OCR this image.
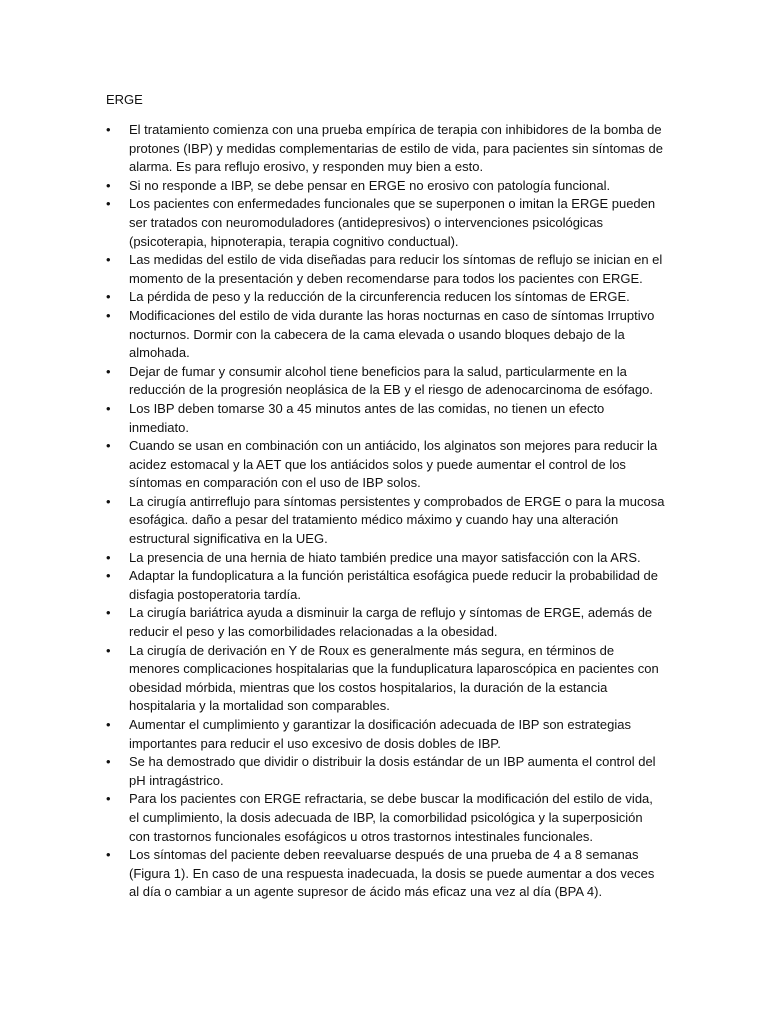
ERGE
• El tratamiento comienza con una prueba empírica de terapia con inhibidores de la bomba de protones (IBP) y medidas complementarias de estilo de vida, para pacientes sin síntomas de alarma. Es para reflujo erosivo, y responden muy bien a esto.
• Si no responde a IBP, se debe pensar en ERGE no erosivo con patología funcional.
• Los pacientes con enfermedades funcionales que se superponen o imitan la ERGE pueden ser tratados con neuromoduladores (antidepresivos) o intervenciones psicológicas (psicoterapia, hipnoterapia, terapia cognitivo conductual).
• Las medidas del estilo de vida diseñadas para reducir los síntomas de reflujo se inician en el momento de la presentación y deben recomendarse para todos los pacientes con ERGE.
• La pérdida de peso y la reducción de la circunferencia reducen los síntomas de ERGE.
• Modificaciones del estilo de vida durante las horas nocturnas en caso de síntomas Irruptivo nocturnos. Dormir con la cabecera de la cama elevada o usando bloques debajo de la almohada.
• Dejar de fumar y consumir alcohol tiene beneficios para la salud, particularmente en la reducción de la progresión neoplásica de la EB y el riesgo de adenocarcinoma de esófago.
• Los IBP deben tomarse 30 a 45 minutos antes de las comidas, no tienen un efecto inmediato.
• Cuando se usan en combinación con un antiácido, los alginatos son mejores para reducir la acidez estomacal y la AET que los antiácidos solos y puede aumentar el control de los síntomas en comparación con el uso de IBP solos.
• La cirugía antirreflujo para síntomas persistentes y comprobados de ERGE o para la mucosa esofágica. daño a pesar del tratamiento médico máximo y cuando hay una alteración estructural significativa en la UEG.
• La presencia de una hernia de hiato también predice una mayor satisfacción con la ARS.
• Adaptar la fundoplicatura a la función peristáltica esofágica puede reducir la probabilidad de disfagia postoperatoria tardía.
• La cirugía bariátrica ayuda a disminuir la carga de reflujo y síntomas de ERGE, además de reducir el peso y las comorbilidades relacionadas a la obesidad.
• La cirugía de derivación en Y de Roux es generalmente más segura, en términos de menores complicaciones hospitalarias que la funduplicatura laparoscópica en pacientes con obesidad mórbida, mientras que los costos hospitalarios, la duración de la estancia hospitalaria y la mortalidad son comparables.
• Aumentar el cumplimiento y garantizar la dosificación adecuada de IBP son estrategias importantes para reducir el uso excesivo de dosis dobles de IBP.
• Se ha demostrado que dividir o distribuir la dosis estándar de un IBP aumenta el control del pH intragástrico.
• Para los pacientes con ERGE refractaria, se debe buscar la modificación del estilo de vida, el cumplimiento, la dosis adecuada de IBP, la comorbilidad psicológica y la superposición con trastornos funcionales esofágicos u otros trastornos intestinales funcionales.
• Los síntomas del paciente deben reevaluarse después de una prueba de 4 a 8 semanas (Figura 1). En caso de una respuesta inadecuada, la dosis se puede aumentar a dos veces al día o cambiar a un agente supresor de ácido más eficaz una vez al día (BPA 4).
